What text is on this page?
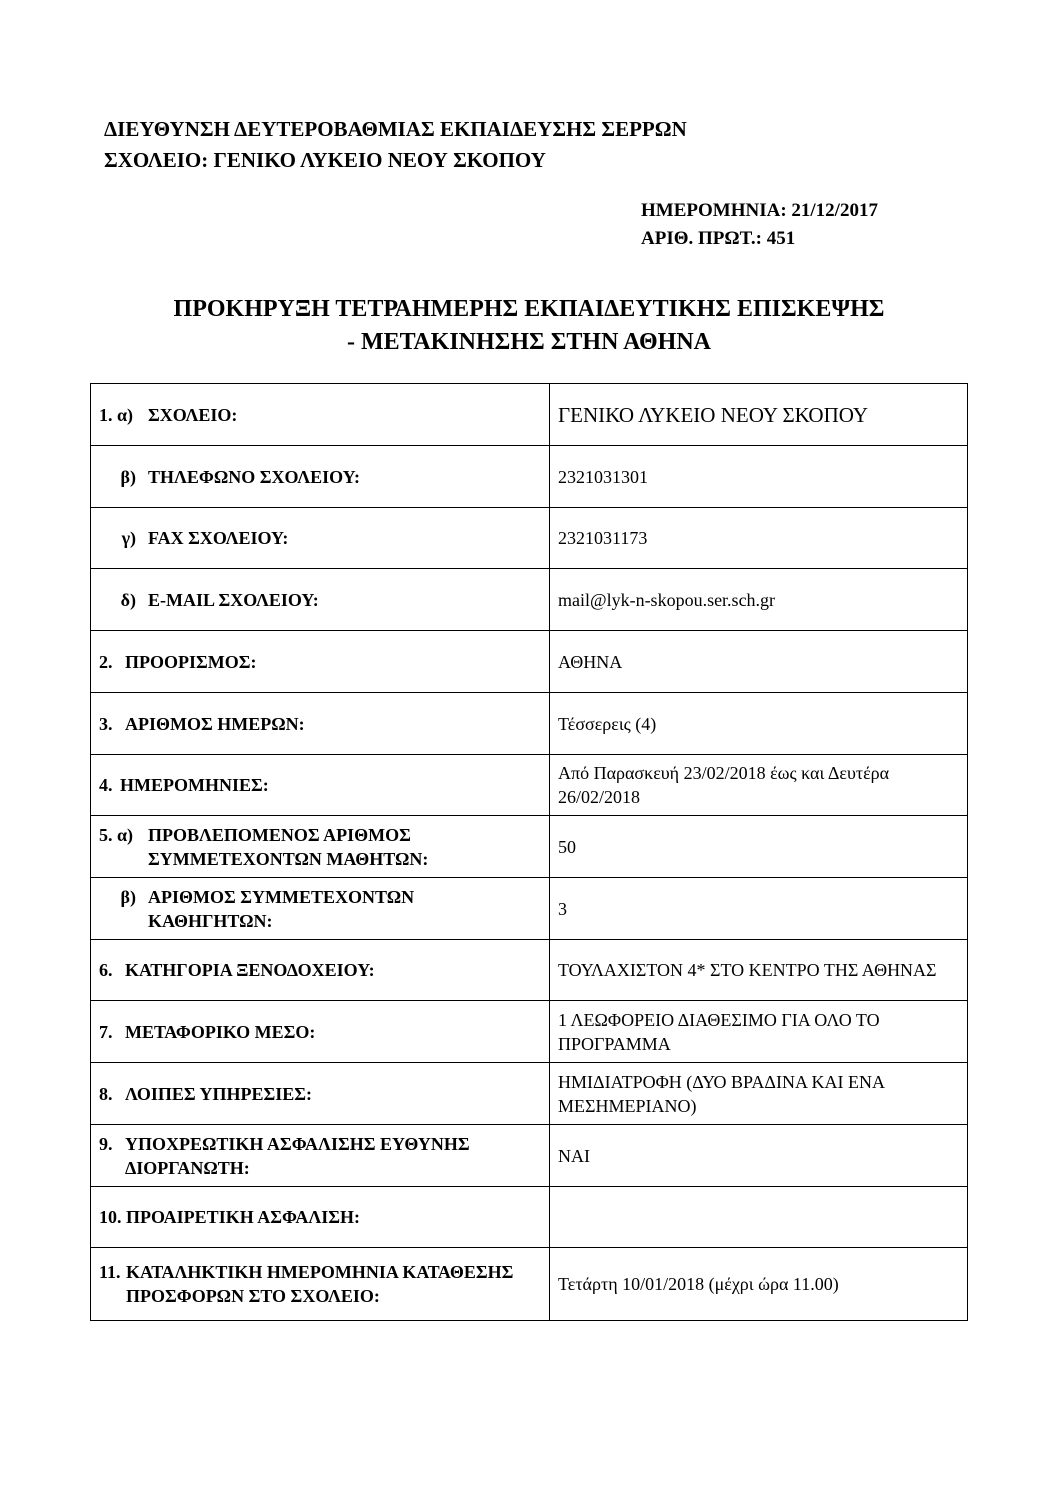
ΔΙΕΥΘΥΝΣΗ ΔΕΥΤΕΡΟΒΑΘΜΙΑΣ ΕΚΠΑΙΔΕΥΣΗΣ ΣΕΡΡΩΝ
ΣΧΟΛΕΙΟ: ΓΕΝΙΚΟ ΛΥΚΕΙΟ ΝΕΟΥ ΣΚΟΠΟΥ
ΗΜΕΡΟΜΗΝΙΑ: 21/12/2017
ΑΡΙΘ. ΠΡΩΤ.: 451
ΠΡΟΚΗΡΥΞΗ ΤΕΤΡΑΗΜΕΡΗΣ ΕΚΠΑΙΔΕΥΤΙΚΗΣ ΕΠΙΣΚΕΨΗΣ
- ΜΕΤΑΚΙΝΗΣΗΣ ΣΤΗΝ ΑΘΗΝΑ
1. α) ΣΧΟΛΕΙΟ:	ΓΕΝΙΚΟ ΛΥΚΕΙΟ ΝΕΟΥ ΣΚΟΠΟΥ

β) ΤΗΛΕΦΩΝΟ ΣΧΟΛΕΙΟΥ:	2321031301

γ) FAX ΣΧΟΛΕΙΟΥ:	2321031173

δ) E-MAIL ΣΧΟΛΕΙΟΥ:	mail@lyk-n-skopou.ser.sch.gr

2. ΠΡΟΟΡΙΣΜΟΣ:	ΑΘΗΝΑ

3. ΑΡΙΘΜΟΣ ΗΜΕΡΩΝ:	Τέσσερεις (4)

4. ΗΜΕΡΟΜΗΝΙΕΣ:	Από Παρασκευή 23/02/2018 έως και Δευτέρα 26/02/2018

5. α) ΠΡΟΒΛΕΠΟΜΕΝΟΣ ΑΡΙΘΜΟΣ ΣΥΜΜΕΤΕΧΟΝΤΩΝ ΜΑΘΗΤΩΝ:	50

β) ΑΡΙΘΜΟΣ ΣΥΜΜΕΤΕΧΟΝΤΩΝ ΚΑΘΗΓΗΤΩΝ:	3

6. ΚΑΤΗΓΟΡΙΑ ΞΕΝΟΔΟΧΕΙΟΥ:	ΤΟΥΛΑΧΙΣΤΟΝ 4* ΣΤΟ ΚΕΝΤΡΟ ΤΗΣ ΑΘΗΝΑΣ

7. ΜΕΤΑΦΟΡΙΚΟ ΜΕΣΟ:	1 ΛΕΩΦΟΡΕΙΟ ΔΙΑΘΕΣΙΜΟ ΓΙΑ ΟΛΟ ΤΟ ΠΡΟΓΡΑΜΜΑ

8. ΛΟΙΠΕΣ ΥΠΗΡΕΣΙΕΣ:	ΗΜΙΔΙΑΤΡΟΦΗ (ΔΥΟ ΒΡΑΔΙΝΑ ΚΑΙ ΕΝΑ ΜΕΣΗΜΕΡΙΑΝΟ)

9. ΥΠΟΧΡΕΩΤΙΚΗ ΑΣΦΑΛΙΣΗΣ ΕΥΘΥΝΗΣ ΔΙΟΡΓΑΝΩΤΗ:	ΝΑΙ

10. ΠΡΟΑΙΡΕΤΙΚΗ ΑΣΦΑΛΙΣΗ:	

11. ΚΑΤΑΛΗΚΤΙΚΗ ΗΜΕΡΟΜΗΝΙΑ ΚΑΤΑΘΕΣΗΣ ΠΡΟΣΦΟΡΩΝ ΣΤΟ ΣΧΟΛΕΙΟ:	Τετάρτη 10/01/2018 (μέχρι ώρα 11.00)
